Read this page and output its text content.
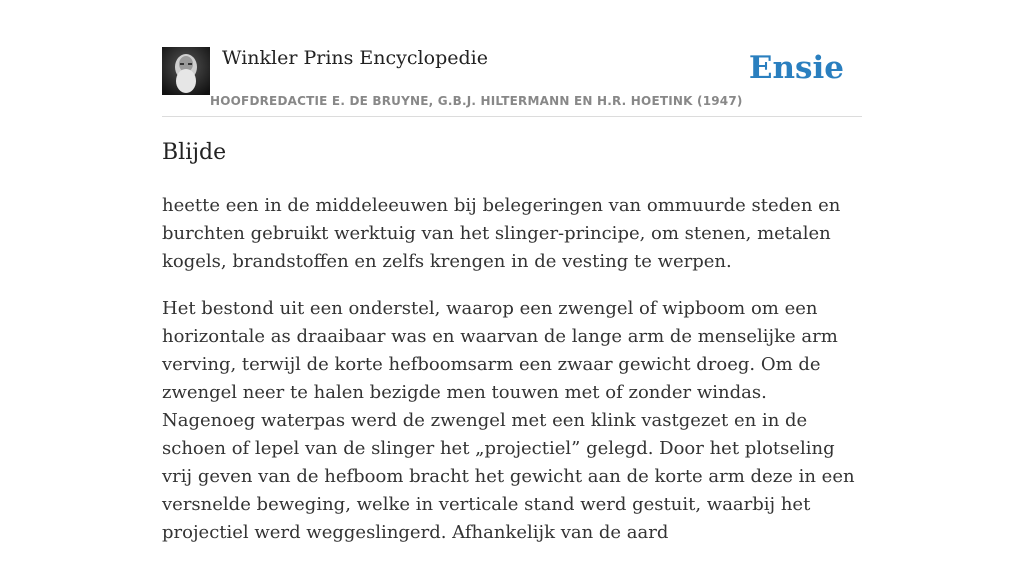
Winkler Prins Encyclopedie
HOOFDREDACTIE E. DE BRUYNE, G.B.J. HILTERMANN EN H.R. HOETINK (1947)
Ensie
Blijde

heette een in de middeleeuwen bij belegeringen van ommuurde steden en burchten gebruikt werktuig van het slinger-principe, om stenen, metalen kogels, brandstoffen en zelfs krengen in de vesting te werpen.

Het bestond uit een onderstel, waarop een zwengel of wipboom om een horizontale as draaibaar was en waarvan de lange arm de menselijke arm verving, terwijl de korte hefboomsarm een zwaar gewicht droeg. Om de zwengel neer te halen bezigde men touwen met of zonder windas. Nagenoeg waterpas werd de zwengel met een klink vastgezet en in de schoen of lepel van de slinger het „projectiel” gelegd. Door het plotseling vrij geven van de hefboom bracht het gewicht aan de korte arm deze in een versnelde beweging, welke in verticale stand werd gestuit, waarbij het projectiel werd weggeslingerd. Afhankelijk van de aard
